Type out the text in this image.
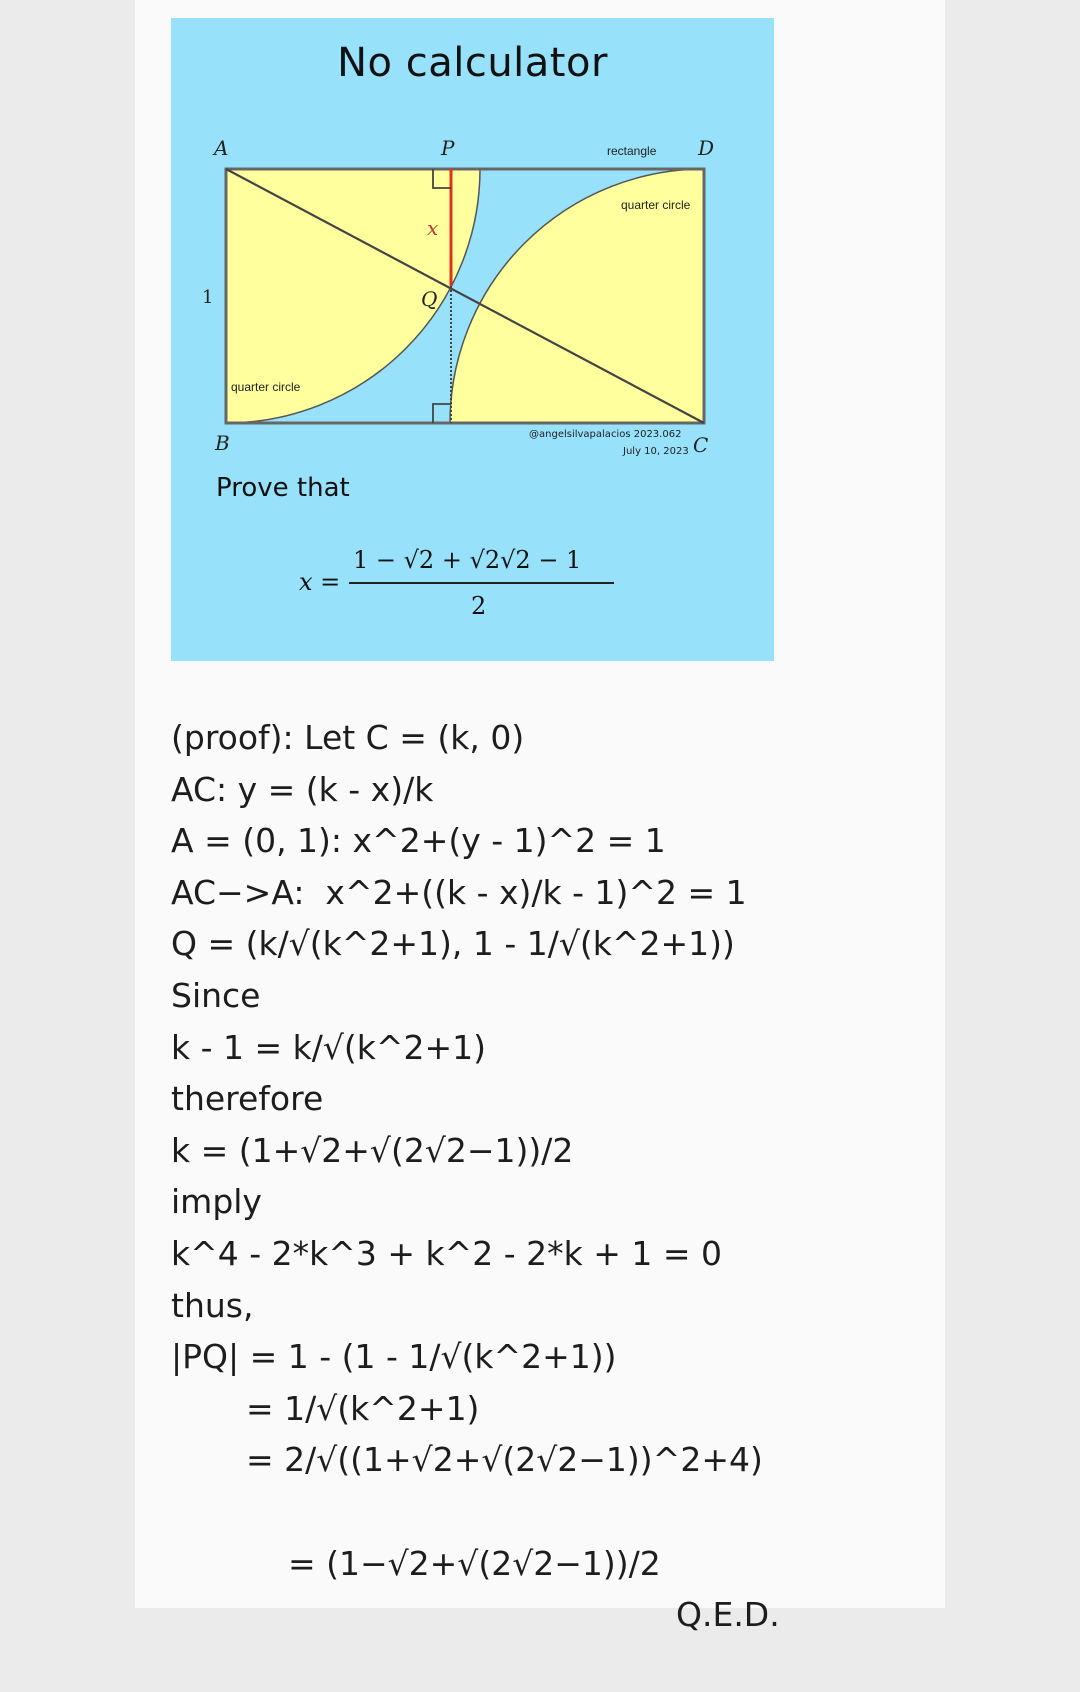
No calculator
A	P	D
B	C
Q
x
1
rectangle
quarter circle
quarter circle
@angelsilvapalacios 2023.062
July 10, 2023
Prove that
x =
1 − √2 + √2√2 − 1
2
(proof): Let C = (k, 0)
AC: y = (k - x)/k
A = (0, 1): x^2+(y - 1)^2 = 1
AC−>A:  x^2+((k - x)/k - 1)^2 = 1
Q = (k/√(k^2+1), 1 - 1/√(k^2+1))
Since
k - 1 = k/√(k^2+1)
therefore
k = (1+√2+√(2√2−1))/2
imply
k^4 - 2*k^3 + k^2 - 2*k + 1 = 0
thus,
|PQ| = 1 - (1 - 1/√(k^2+1))
= 1/√(k^2+1)
= 2/√((1+√2+√(2√2−1))^2+4)

= (1−√2+√(2√2−1))/2

Q.E.D.
